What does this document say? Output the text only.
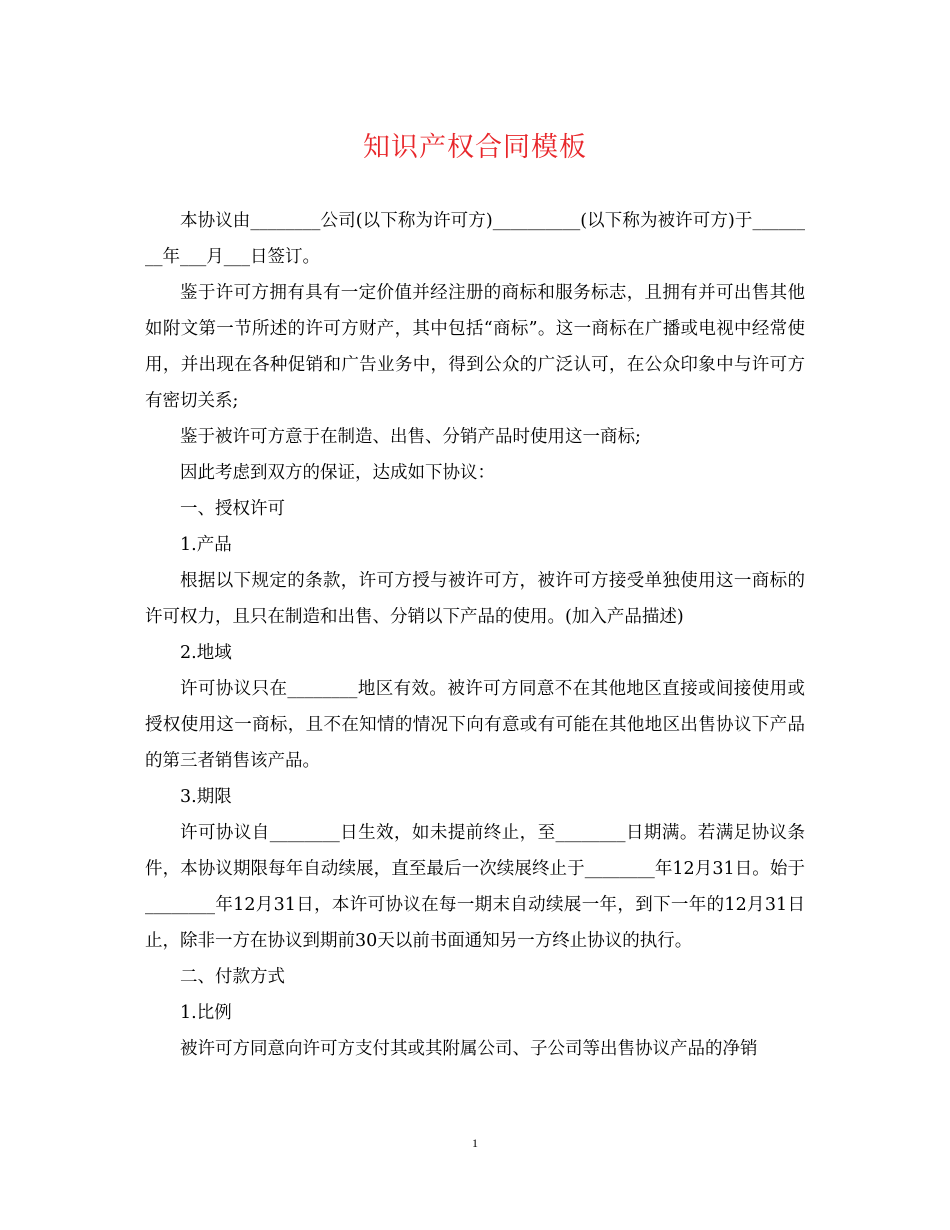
知识产权合同模板

本协议由________公司(以下称为许可方)__________(以下称为被许可方)于________年___月___日签订。

鉴于许可方拥有具有一定价值并经注册的商标和服务标志，且拥有并可出售其他如附文第一节所述的许可方财产，其中包括“商标”。这一商标在广播或电视中经常使用，并出现在各种促销和广告业务中，得到公众的广泛认可，在公众印象中与许可方有密切关系;

鉴于被许可方意于在制造、出售、分销产品时使用这一商标;

因此考虑到双方的保证，达成如下协议：

一、授权许可

1.产品

根据以下规定的条款，许可方授与被许可方，被许可方接受单独使用这一商标的许可权力，且只在制造和出售、分销以下产品的使用。(加入产品描述)

2.地域

许可协议只在________地区有效。被许可方同意不在其他地区直接或间接使用或授权使用这一商标，且不在知情的情况下向有意或有可能在其他地区出售协议下产品的第三者销售该产品。

3.期限

许可协议自________日生效，如未提前终止，至________日期满。若满足协议条件，本协议期限每年自动续展，直至最后一次续展终止于________年12月31日。始于________年12月31日，本许可协议在每一期末自动续展一年，到下一年的12月31日止，除非一方在协议到期前30天以前书面通知另一方终止协议的执行。

二、付款方式

1.比例

被许可方同意向许可方支付其或其附属公司、子公司等出售协议产品的净销

1
